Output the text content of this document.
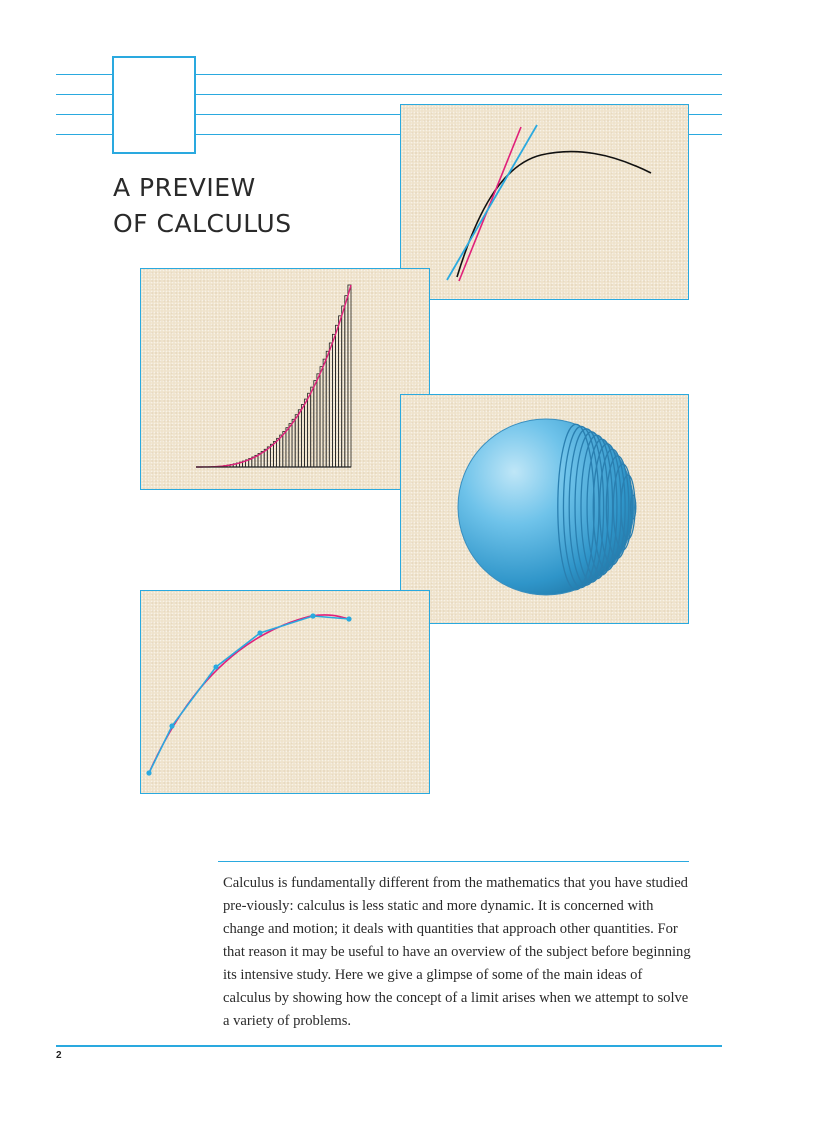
A PREVIEW
OF CALCULUS

Calculus is fundamentally different from the mathematics that you have studied pre-viously: calculus is less static and more dynamic. It is concerned with change and motion; it deals with quantities that approach other quantities. For that reason it may be useful to have an overview of the subject before beginning its intensive study. Here we give a glimpse of some of the main ideas of calculus by showing how the concept of a limit arises when we attempt to solve a variety of problems.

2
